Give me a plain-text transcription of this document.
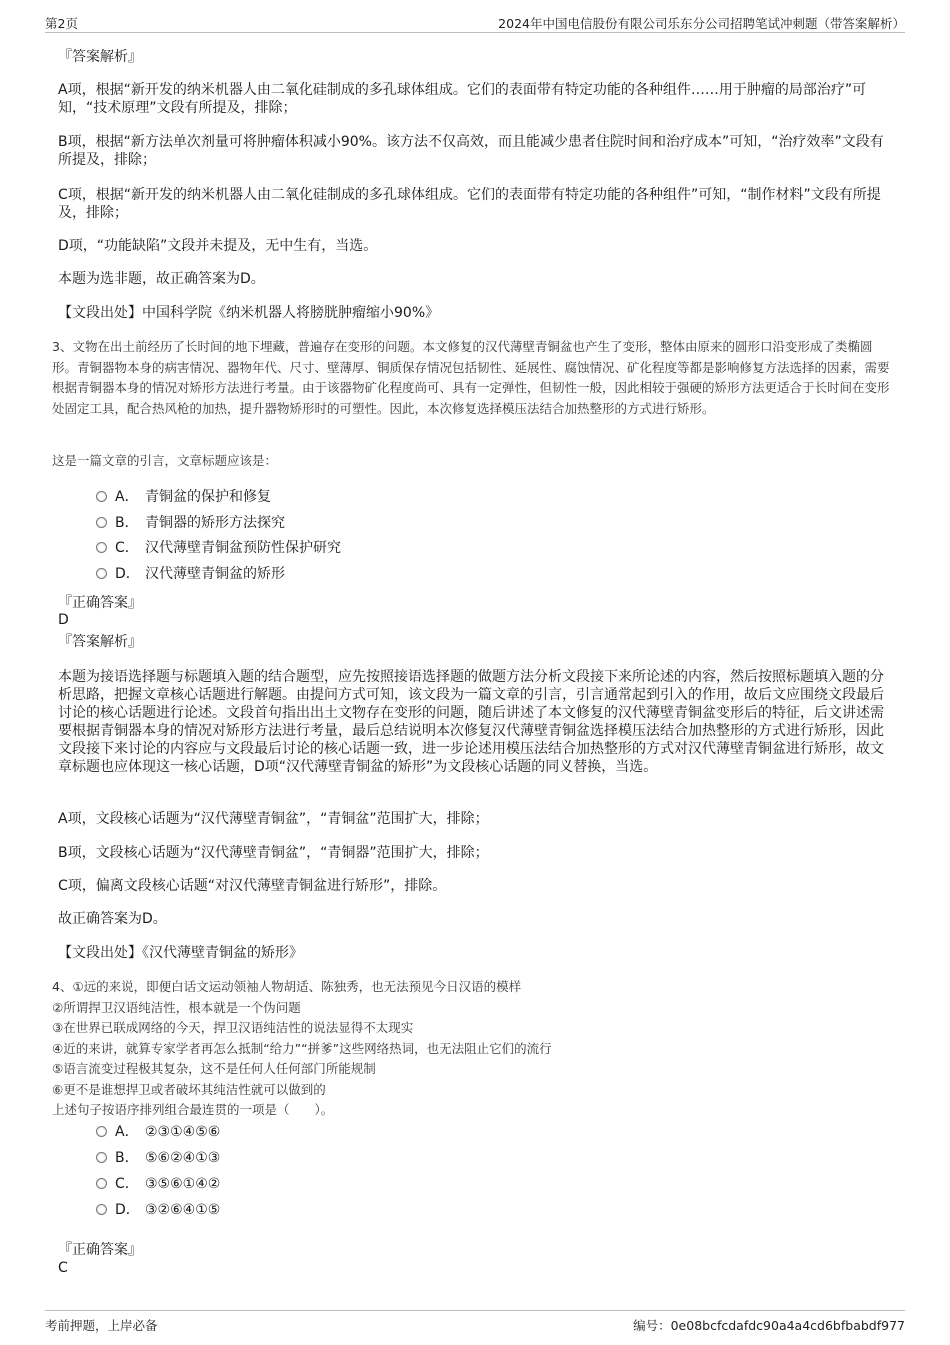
第2页	2024年中国电信股份有限公司乐东分公司招聘笔试冲刺题（带答案解析）
『答案解析』
A项，根据“新开发的纳米机器人由二氧化硅制成的多孔球体组成。它们的表面带有特定功能的各种组件……用于肿瘤的局部治疗”可知，“技术原理”文段有所提及，排除；
B项，根据“新方法单次剂量可将肿瘤体积减小90%。该方法不仅高效，而且能减少患者住院时间和治疗成本”可知，“治疗效率”文段有所提及，排除；
C项，根据“新开发的纳米机器人由二氧化硅制成的多孔球体组成。它们的表面带有特定功能的各种组件”可知，“制作材料”文段有所提及，排除；
D项，“功能缺陷”文段并未提及，无中生有，当选。
本题为选非题，故正确答案为D。
【文段出处】中国科学院《纳米机器人将膀胱肿瘤缩小90%》
3、文物在出土前经历了长时间的地下埋藏，普遍存在变形的问题。本文修复的汉代薄壁青铜盆也产生了变形，整体由原来的圆形口沿变形成了类椭圆形。青铜器物本身的病害情况、器物年代、尺寸、壁薄厚、铜质保存情况包括韧性、延展性、腐蚀情况、矿化程度等都是影响修复方法选择的因素，需要根据青铜器本身的情况对矫形方法进行考量。由于该器物矿化程度尚可、具有一定弹性，但韧性一般，因此相较于强硬的矫形方法更适合于长时间在变形处固定工具，配合热风枪的加热，提升器物矫形时的可塑性。因此，本次修复选择模压法结合加热整形的方式进行矫形。
这是一篇文章的引言，文章标题应该是：
A． 青铜盆的保护和修复
B． 青铜器的矫形方法探究
C． 汉代薄壁青铜盆预防性保护研究
D． 汉代薄壁青铜盆的矫形
『正确答案』
D
『答案解析』
本题为接语选择题与标题填入题的结合题型，应先按照接语选择题的做题方法分析文段接下来所论述的内容，然后按照标题填入题的分析思路，把握文章核心话题进行解题。由提问方式可知，该文段为一篇文章的引言，引言通常起到引入的作用，故后文应围绕文段最后讨论的核心话题进行论述。文段首句指出出土文物存在变形的问题，随后讲述了本文修复的汉代薄壁青铜盆变形后的特征，后文讲述需要根据青铜器本身的情况对矫形方法进行考量，最后总结说明本次修复汉代薄壁青铜盆选择模压法结合加热整形的方式进行矫形，因此文段接下来讨论的内容应与文段最后讨论的核心话题一致，进一步论述用模压法结合加热整形的方式对汉代薄壁青铜盆进行矫形，故文章标题也应体现这一核心话题，D项“汉代薄壁青铜盆的矫形”为文段核心话题的同义替换，当选。
A项，文段核心话题为“汉代薄壁青铜盆”，“青铜盆”范围扩大，排除；
B项，文段核心话题为“汉代薄壁青铜盆”，“青铜器”范围扩大，排除；
C项，偏离文段核心话题“对汉代薄壁青铜盆进行矫形”，排除。
故正确答案为D。
【文段出处】《汉代薄壁青铜盆的矫形》
4、①远的来说，即便白话文运动领袖人物胡适、陈独秀，也无法预见今日汉语的模样
②所谓捍卫汉语纯洁性，根本就是一个伪问题
③在世界已联成网络的今天，捍卫汉语纯洁性的说法显得不太现实
④近的来讲，就算专家学者再怎么抵制“给力”“拼爹”这些网络热词，也无法阻止它们的流行
⑤语言流变过程极其复杂，这不是任何人任何部门所能规制
⑥更不是谁想捍卫或者破坏其纯洁性就可以做到的
上述句子按语序排列组合最连贯的一项是（　　）。
A． ②③①④⑤⑥
B． ⑤⑥②④①③
C． ③⑤⑥①④②
D． ③②⑥④①⑤
『正确答案』
C
考前押题，上岸必备	编号：0e08bcfcdafdc90a4a4cd6bfbabdf977
